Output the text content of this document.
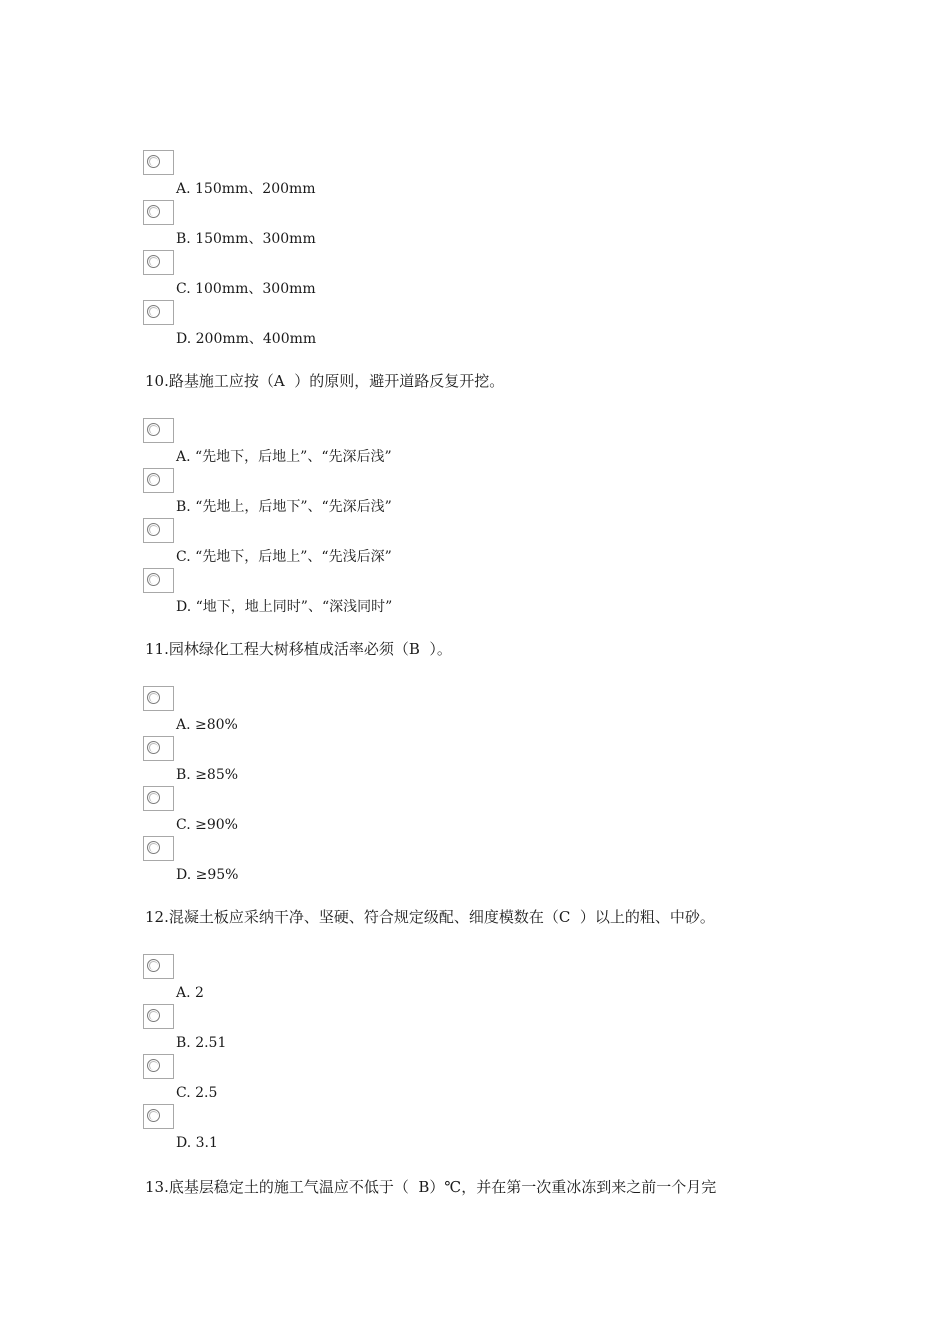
A. 150mm、200mm
B. 150mm、300mm
C. 100mm、300mm
D. 200mm、400mm
10.路基施工应按（A  ）的原则，避开道路反复开挖。
A. “先地下，后地上”、“先深后浅”
B. “先地上，后地下”、“先深后浅”
C. “先地下，后地上”、“先浅后深”
D. “地下，地上同时”、“深浅同时”
11.园林绿化工程大树移植成活率必须（B  ）。
A. ≥80%
B. ≥85%
C. ≥90%
D. ≥95%
12.混凝土板应采纳干净、坚硬、符合规定级配、细度模数在（C  ）以上的粗、中砂。
A. 2
B. 2.51
C. 2.5
D. 3.1
13.底基层稳定土的施工气温应不低于（  B）℃，并在第一次重冰冻到来之前一个月完
